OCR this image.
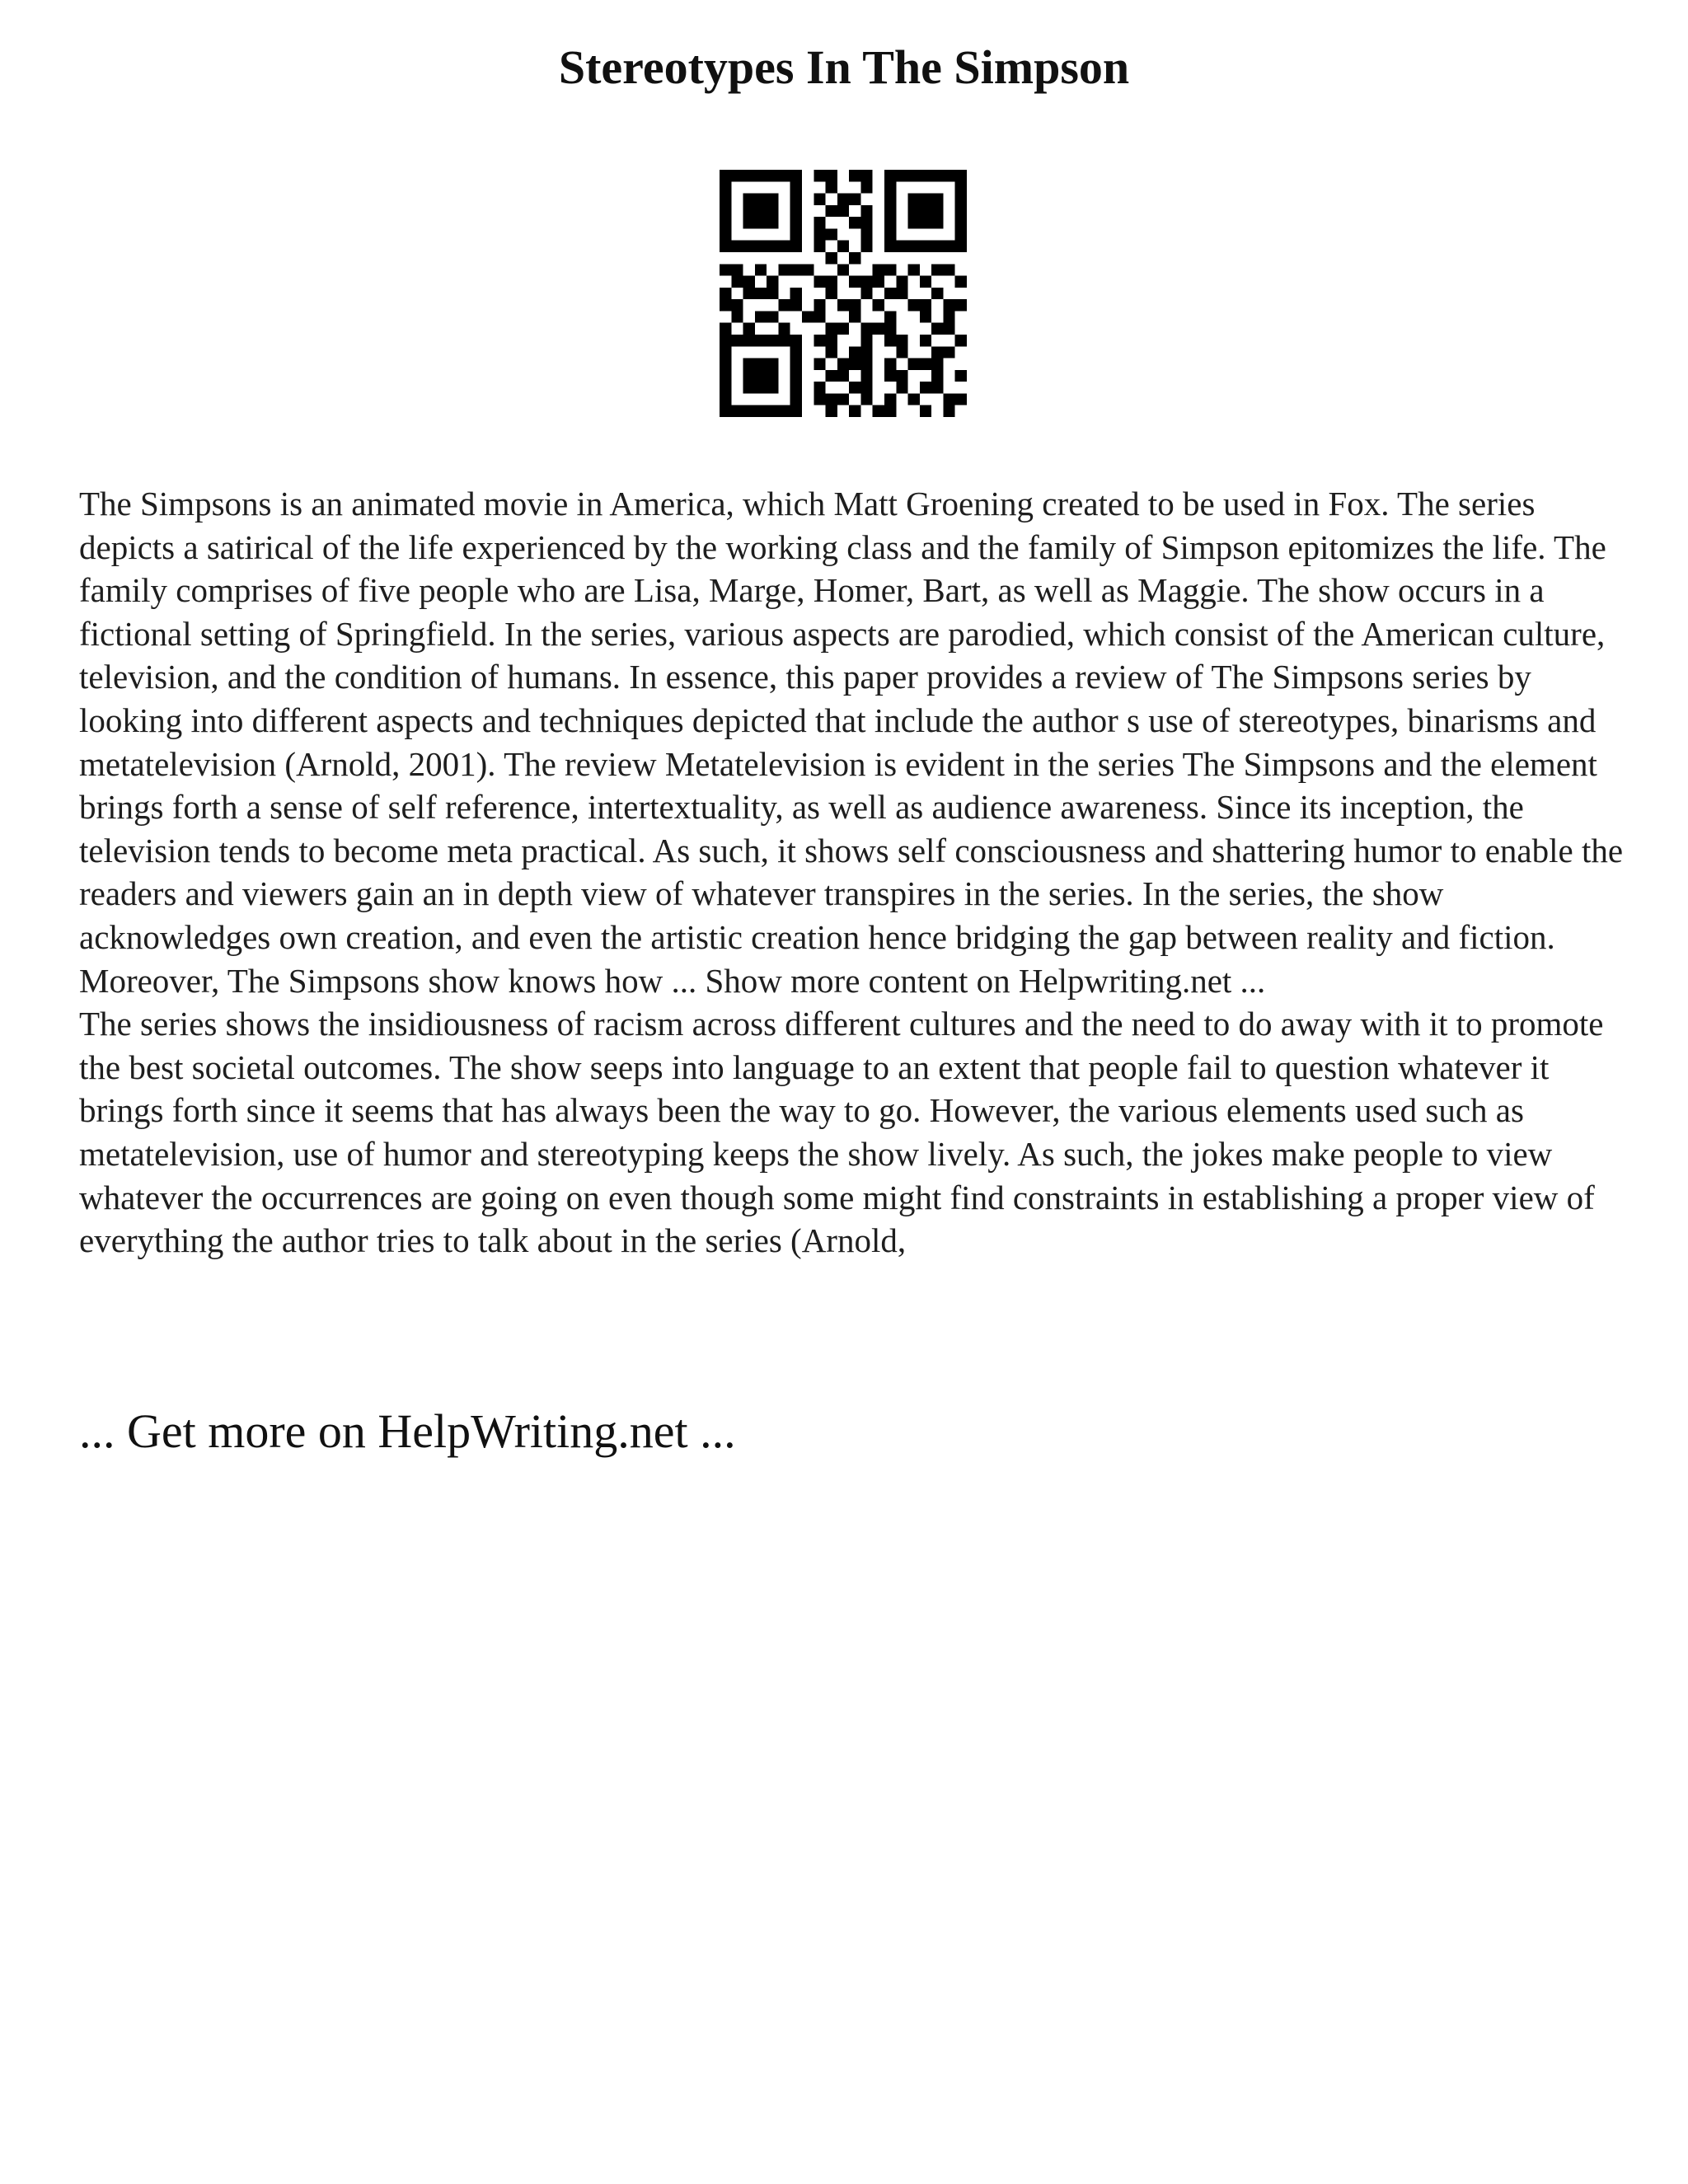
Stereotypes In The Simpson

The Simpsons is an animated movie in America, which Matt Groening created to be used in Fox. The series depicts a satirical of the life experienced by the working class and the family of Simpson epitomizes the life. The family comprises of five people who are Lisa, Marge, Homer, Bart, as well as Maggie. The show occurs in a fictional setting of Springfield. In the series, various aspects are parodied, which consist of the American culture, television, and the condition of humans. In essence, this paper provides a review of The Simpsons series by looking into different aspects and techniques depicted that include the author s use of stereotypes, binarisms and metatelevision (Arnold, 2001). The review Metatelevision is evident in the series The Simpsons and the element brings forth a sense of self reference, intertextuality, as well as audience awareness. Since its inception, the television tends to become meta practical. As such, it shows self consciousness and shattering humor to enable the readers and viewers gain an in depth view of whatever transpires in the series. In the series, the show acknowledges own creation, and even the artistic creation hence bridging the gap between reality and fiction. Moreover, The Simpsons show knows how ... Show more content on Helpwriting.net ...

The series shows the insidiousness of racism across different cultures and the need to do away with it to promote the best societal outcomes. The show seeps into language to an extent that people fail to question whatever it brings forth since it seems that has always been the way to go. However, the various elements used such as metatelevision, use of humor and stereotyping keeps the show lively. As such, the jokes make people to view whatever the occurrences are going on even though some might find constraints in establishing a proper view of everything the author tries to talk about in the series (Arnold,

... Get more on HelpWriting.net ...
